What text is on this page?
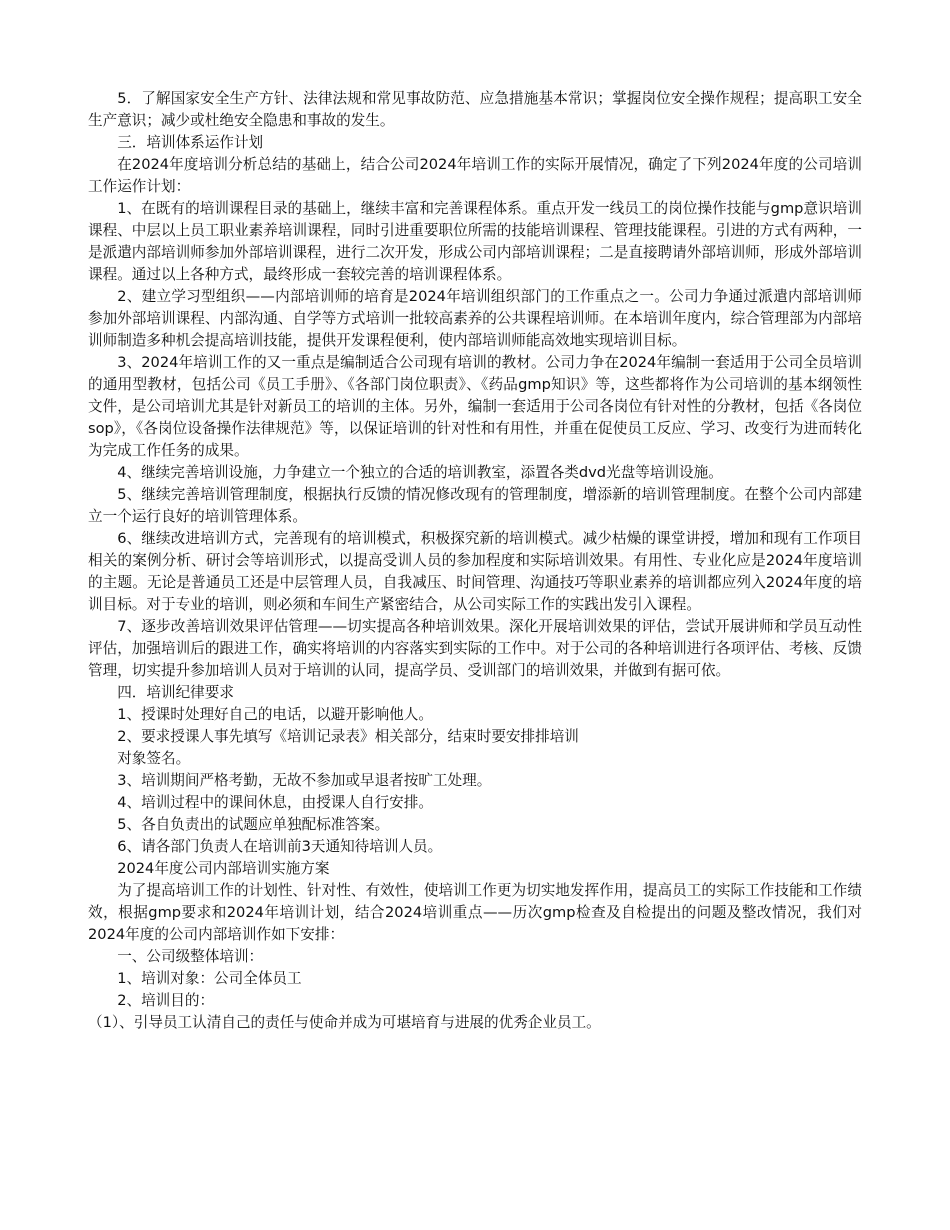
5．了解国家安全生产方针、法律法规和常见事故防范、应急措施基本常识；掌握岗位安全操作规程；提高职工安全生产意识；减少或杜绝安全隐患和事故的发生。

三．培训体系运作计划

在2024年度培训分析总结的基础上，结合公司2024年培训工作的实际开展情况，确定了下列2024年度的公司培训工作运作计划：

1、在既有的培训课程目录的基础上，继续丰富和完善课程体系。重点开发一线员工的岗位操作技能与gmp意识培训课程、中层以上员工职业素养培训课程，同时引进重要职位所需的技能培训课程、管理技能课程。引进的方式有两种，一是派遣内部培训师参加外部培训课程，进行二次开发，形成公司内部培训课程；二是直接聘请外部培训师，形成外部培训课程。通过以上各种方式，最终形成一套较完善的培训课程体系。

2、建立学习型组织——内部培训师的培育是2024年培训组织部门的工作重点之一。公司力争通过派遣内部培训师参加外部培训课程、内部沟通、自学等方式培训一批较高素养的公共课程培训师。在本培训年度内，综合管理部为内部培训师制造多种机会提高培训技能，提供开发课程便利，使内部培训师能高效地实现培训目标。

3、2024年培训工作的又一重点是编制适合公司现有培训的教材。公司力争在2024年编制一套适用于公司全员培训的通用型教材，包括公司《员工手册》、《各部门岗位职责》、《药品gmp知识》等，这些都将作为公司培训的基本纲领性文件，是公司培训尤其是针对新员工的培训的主体。另外，编制一套适用于公司各岗位有针对性的分教材，包括《各岗位sop》，《各岗位设备操作法律规范》等，以保证培训的针对性和有用性，并重在促使员工反应、学习、改变行为进而转化为完成工作任务的成果。

4、继续完善培训设施，力争建立一个独立的合适的培训教室，添置各类dvd光盘等培训设施。

5、继续完善培训管理制度，根据执行反馈的情况修改现有的管理制度，增添新的培训管理制度。在整个公司内部建立一个运行良好的培训管理体系。

6、继续改进培训方式，完善现有的培训模式，积极探究新的培训模式。减少枯燥的课堂讲授，增加和现有工作项目相关的案例分析、研讨会等培训形式，以提高受训人员的参加程度和实际培训效果。有用性、专业化应是2024年度培训的主题。无论是普通员工还是中层管理人员，自我减压、时间管理、沟通技巧等职业素养的培训都应列入2024年度的培训目标。对于专业的培训，则必须和车间生产紧密结合，从公司实际工作的实践出发引入课程。

7、逐步改善培训效果评估管理——切实提高各种培训效果。深化开展培训效果的评估，尝试开展讲师和学员互动性评估，加强培训后的跟进工作，确实将培训的内容落实到实际的工作中。对于公司的各种培训进行各项评估、考核、反馈管理，切实提升参加培训人员对于培训的认同，提高学员、受训部门的培训效果，并做到有据可依。

四．培训纪律要求

1、授课时处理好自己的电话，以避开影响他人。

2、要求授课人事先填写《培训记录表》相关部分，结束时要安排排培训

对象签名。

3、培训期间严格考勤，无故不参加或早退者按旷工处理。

4、培训过程中的课间休息，由授课人自行安排。

5、各自负责出的试题应单独配标准答案。

6、请各部门负责人在培训前3天通知待培训人员。

2024年度公司内部培训实施方案

为了提高培训工作的计划性、针对性、有效性，使培训工作更为切实地发挥作用，提高员工的实际工作技能和工作绩效，根据gmp要求和2024年培训计划，结合2024培训重点——历次gmp检查及自检提出的问题及整改情况，我们对2024年度的公司内部培训作如下安排：

一、公司级整体培训：

1、培训对象：公司全体员工

2、培训目的：

（1）、引导员工认清自己的责任与使命并成为可堪培育与进展的优秀企业员工。
